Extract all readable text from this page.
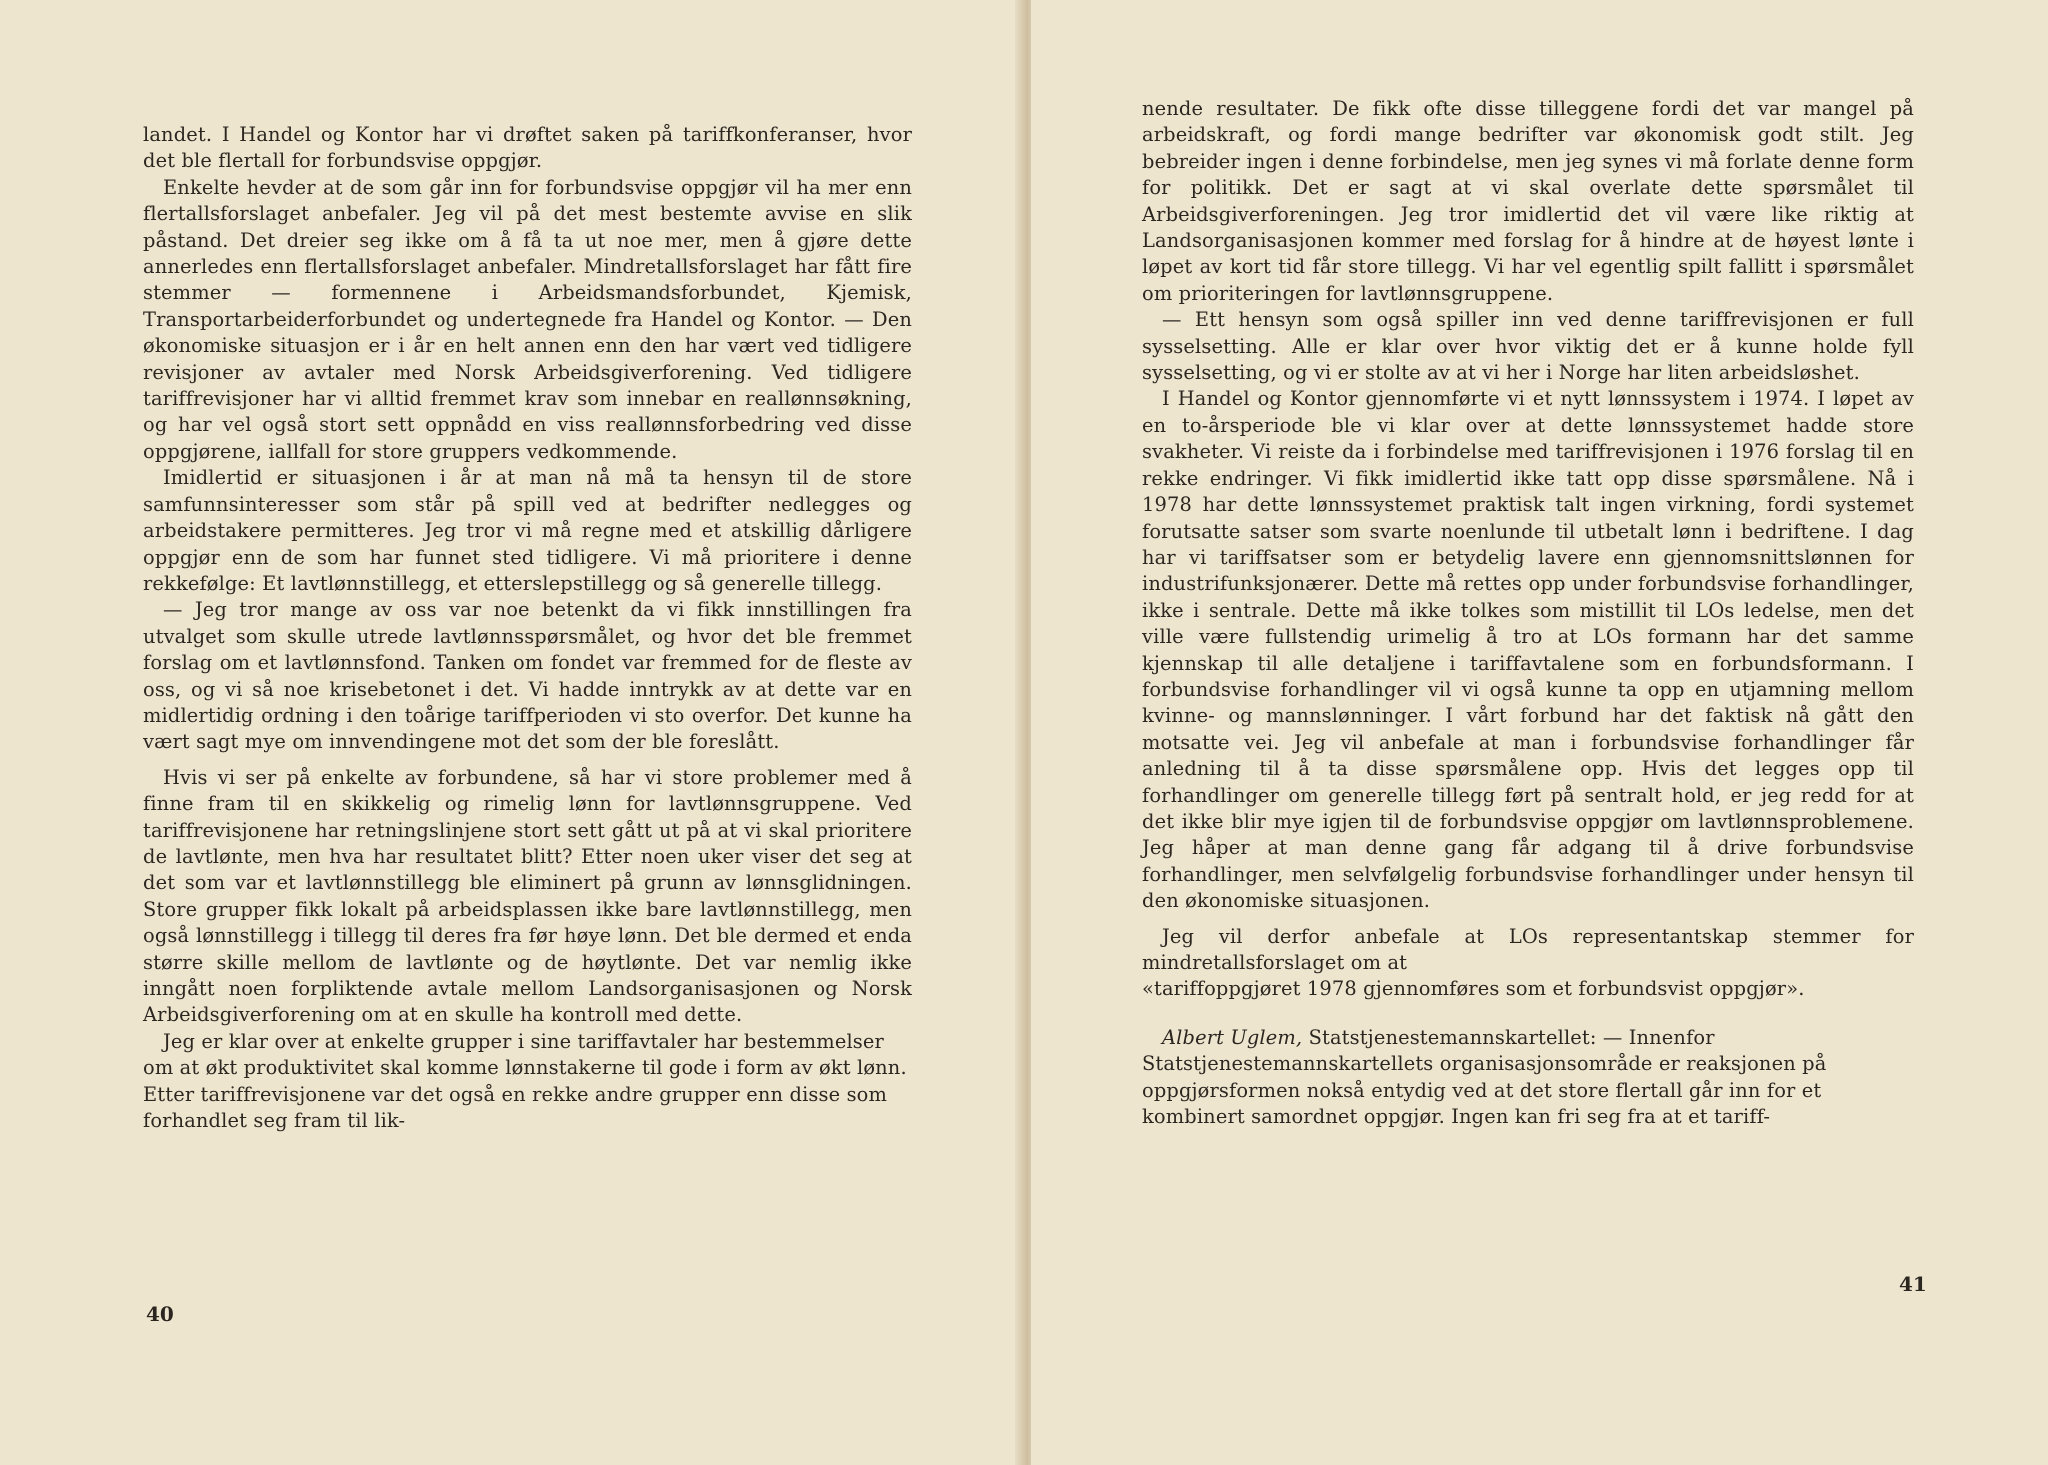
landet. I Handel og Kontor har vi drøftet saken på tariffkonferanser, hvor det ble flertall for forbundsvise oppgjør.

Enkelte hevder at de som går inn for forbundsvise oppgjør vil ha mer enn flertallsforslaget anbefaler. Jeg vil på det mest bestemte avvise en slik påstand. Det dreier seg ikke om å få ta ut noe mer, men å gjøre dette annerledes enn flertallsforslaget anbefaler. Mindretallsforslaget har fått fire stemmer — formennene i Arbeidsmandsforbundet, Kjemisk, Transportarbeiderforbundet og undertegnede fra Handel og Kontor. — Den økonomiske situasjon er i år en helt annen enn den har vært ved tidligere revisjoner av avtaler med Norsk Arbeidsgiverforening. Ved tidligere tariffrevisjoner har vi alltid fremmet krav som innebar en reallønnsøkning, og har vel også stort sett oppnådd en viss reallønnsforbedring ved disse oppgjørene, iallfall for store gruppers vedkommende.

Imidlertid er situasjonen i år at man nå må ta hensyn til de store samfunnsinteresser som står på spill ved at bedrifter nedlegges og arbeidstakere permitteres. Jeg tror vi må regne med et atskillig dårligere oppgjør enn de som har funnet sted tidligere. Vi må prioritere i denne rekkefølge: Et lavtlønnstillegg, et etterslepstillegg og så generelle tillegg.

— Jeg tror mange av oss var noe betenkt da vi fikk innstillingen fra utvalget som skulle utrede lavtlønnsspørsmålet, og hvor det ble fremmet forslag om et lavtlønnsfond. Tanken om fondet var fremmed for de fleste av oss, og vi så noe krisebetonet i det. Vi hadde inntrykk av at dette var en midlertidig ordning i den toårige tariffperioden vi sto overfor. Det kunne ha vært sagt mye om innvendingene mot det som der ble foreslått.

Hvis vi ser på enkelte av forbundene, så har vi store problemer med å finne fram til en skikkelig og rimelig lønn for lavtlønnsgruppene. Ved tariffrevisjonene har retningslinjene stort sett gått ut på at vi skal prioritere de lavtlønte, men hva har resultatet blitt? Etter noen uker viser det seg at det som var et lavtlønnstillegg ble eliminert på grunn av lønnsglidningen. Store grupper fikk lokalt på arbeidsplassen ikke bare lavtlønnstillegg, men også lønnstillegg i tillegg til deres fra før høye lønn. Det ble dermed et enda større skille mellom de lavtlønte og de høytlønte. Det var nemlig ikke inngått noen forpliktende avtale mellom Landsorganisasjonen og Norsk Arbeidsgiverforening om at en skulle ha kontroll med dette.

Jeg er klar over at enkelte grupper i sine tariffavtaler har bestemmelser om at økt produktivitet skal komme lønnstakerne til gode i form av økt lønn. Etter tariffrevisjonene var det også en rekke andre grupper enn disse som forhandlet seg fram til lik-

40

nende resultater. De fikk ofte disse tilleggene fordi det var mangel på arbeidskraft, og fordi mange bedrifter var økonomisk godt stilt. Jeg bebreider ingen i denne forbindelse, men jeg synes vi må forlate denne form for politikk. Det er sagt at vi skal overlate dette spørsmålet til Arbeidsgiverforeningen. Jeg tror imidlertid det vil være like riktig at Landsorganisasjonen kommer med forslag for å hindre at de høyest lønte i løpet av kort tid får store tillegg. Vi har vel egentlig spilt fallitt i spørsmålet om prioriteringen for lavtlønnsgruppene.

— Ett hensyn som også spiller inn ved denne tariffrevisjonen er full sysselsetting. Alle er klar over hvor viktig det er å kunne holde fyll sysselsetting, og vi er stolte av at vi her i Norge har liten arbeidsløshet.

I Handel og Kontor gjennomførte vi et nytt lønnssystem i 1974. I løpet av en to-årsperiode ble vi klar over at dette lønnssystemet hadde store svakheter. Vi reiste da i forbindelse med tariffrevisjonen i 1976 forslag til en rekke endringer. Vi fikk imidlertid ikke tatt opp disse spørsmålene. Nå i 1978 har dette lønnssystemet praktisk talt ingen virkning, fordi systemet forutsatte satser som svarte noenlunde til utbetalt lønn i bedriftene. I dag har vi tariffsatser som er betydelig lavere enn gjennomsnittslønnen for industrifunksjonærer. Dette må rettes opp under forbundsvise forhandlinger, ikke i sentrale. Dette må ikke tolkes som mistillit til LOs ledelse, men det ville være fullstendig urimelig å tro at LOs formann har det samme kjennskap til alle detaljene i tariffavtalene som en forbundsformann. I forbundsvise forhandlinger vil vi også kunne ta opp en utjamning mellom kvinne- og mannslønninger. I vårt forbund har det faktisk nå gått den motsatte vei. Jeg vil anbefale at man i forbundsvise forhandlinger får anledning til å ta disse spørsmålene opp. Hvis det legges opp til forhandlinger om generelle tillegg ført på sentralt hold, er jeg redd for at det ikke blir mye igjen til de forbundsvise oppgjør om lavtlønnsproblemene. Jeg håper at man denne gang får adgang til å drive forbundsvise forhandlinger, men selvfølgelig forbundsvise forhandlinger under hensyn til den økonomiske situasjonen.

Jeg vil derfor anbefale at LOs representantskap stemmer for mindretallsforslaget om at

«tariffoppgjøret 1978 gjennomføres som et forbundsvist oppgjør».

Albert Uglem, Statstjenestemannskartellet: — Innenfor Statstjenestemannskartellets organisasjonsområde er reaksjonen på oppgjørsformen nokså entydig ved at det store flertall går inn for et kombinert samordnet oppgjør. Ingen kan fri seg fra at et tariff-

41
